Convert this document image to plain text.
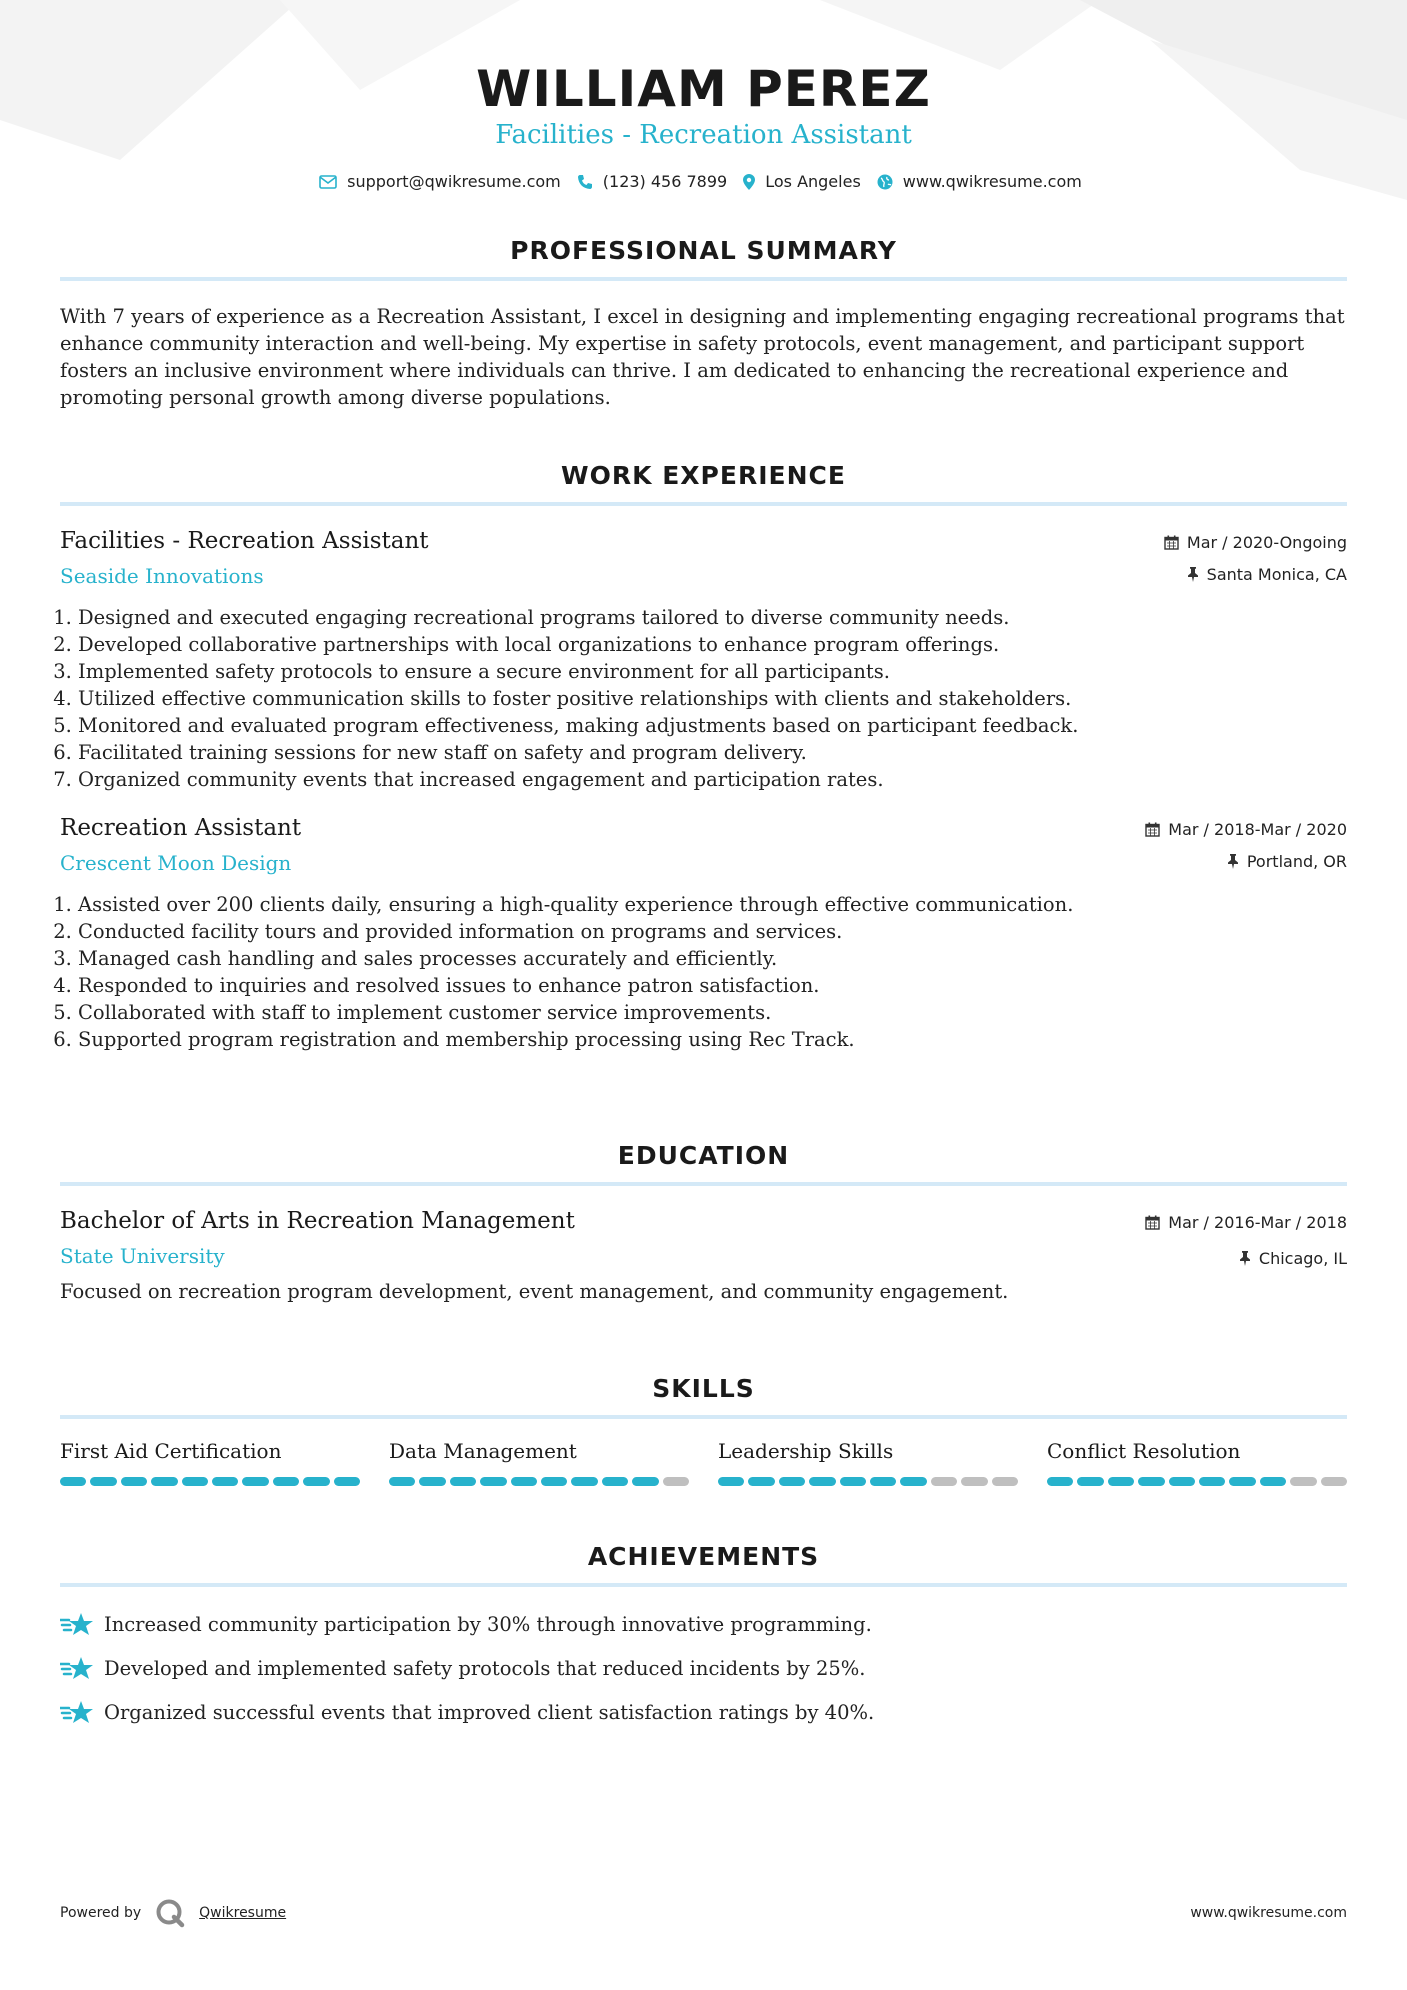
WILLIAM PEREZ
Facilities - Recreation Assistant
support@qwikresume.com	(123) 456 7899 Los Angeles	www.qwikresume.com
PROFESSIONAL SUMMARY
With 7 years of experience as a Recreation Assistant, I excel in designing and implementing engaging recreational programs that enhance community interaction and well-being. My expertise in safety protocols, event management, and participant support fosters an inclusive environment where individuals can thrive. I am dedicated to enhancing the recreational experience and promoting personal growth among diverse populations.
WORK EXPERIENCE
Facilities - Recreation Assistant
Seaside Innovations
Mar / 2020-Ongoing
Santa Monica, CA
1. Designed and executed engaging recreational programs tailored to diverse community needs.
2. Developed collaborative partnerships with local organizations to enhance program offerings.
3. Implemented safety protocols to ensure a secure environment for all participants.
4. Utilized effective communication skills to foster positive relationships with clients and stakeholders.
5. Monitored and evaluated program effectiveness, making adjustments based on participant feedback.
6. Facilitated training sessions for new staff on safety and program delivery.
7. Organized community events that increased engagement and participation rates.
Recreation Assistant
Crescent Moon Design
Mar / 2018-Mar / 2020
Portland, OR
1. Assisted over 200 clients daily, ensuring a high-quality experience through effective communication.
2. Conducted facility tours and provided information on programs and services.
3. Managed cash handling and sales processes accurately and efficiently.
4. Responded to inquiries and resolved issues to enhance patron satisfaction.
5. Collaborated with staff to implement customer service improvements.
6. Supported program registration and membership processing using Rec Track.
EDUCATION
Bachelor of Arts in Recreation Management
State University
Mar / 2016-Mar / 2018
Chicago, IL
Focused on recreation program development, event management, and community engagement.
SKILLS
First Aid Certification	Data Management	Leadership Skills	Conflict Resolution
ACHIEVEMENTS
Increased community participation by 30% through innovative programming.
Developed and implemented safety protocols that reduced incidents by 25%.
Organized successful events that improved client satisfaction ratings by 40%.
Powered by	Qwikresume	www.qwikresume.com
